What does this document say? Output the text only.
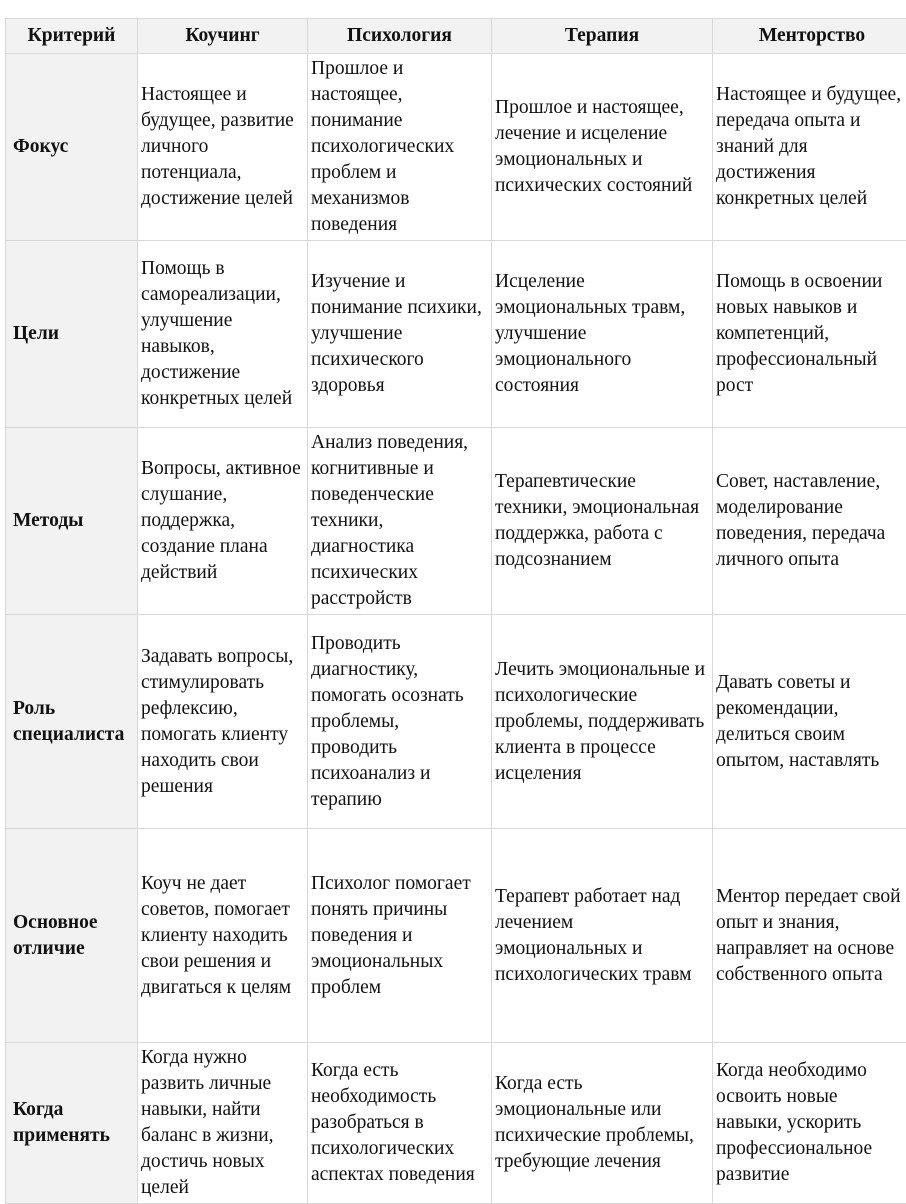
Критерий	Коучинг	Психология	Терапия	Менторство
Фокус	Настоящее и будущее, развитие личного потенциала, достижение целей	Прошлое и настоящее, понимание психологических проблем и механизмов поведения	Прошлое и настоящее, лечение и исцеление эмоциональных и психических состояний	Настоящее и будущее, передача опыта и знаний для достижения конкретных целей
Цели	Помощь в самореализации, улучшение навыков, достижение конкретных целей	Изучение и понимание психики, улучшение психического здоровья	Исцеление эмоциональных травм, улучшение эмоционального состояния	Помощь в освоении новых навыков и компетенций, профессиональный рост
Методы	Вопросы, активное слушание, поддержка, создание плана действий	Анализ поведения, когнитивные и поведенческие техники, диагностика психических расстройств	Терапевтические техники, эмоциональная поддержка, работа с подсознанием	Совет, наставление, моделирование поведения, передача личного опыта
Роль специалиста	Задавать вопросы, стимулировать рефлексию, помогать клиенту находить свои решения	Проводить диагностику, помогать осознать проблемы, проводить психоанализ и терапию	Лечить эмоциональные и психологические проблемы, поддерживать клиента в процессе исцеления	Давать советы и рекомендации, делиться своим опытом, наставлять
Основное отличие	Коуч не дает советов, помогает клиенту находить свои решения и двигаться к целям	Психолог помогает понять причины поведения и эмоциональных проблем	Терапевт работает над лечением эмоциональных и психологических травм	Ментор передает свой опыт и знания, направляет на основе собственного опыта
Когда применять	Когда нужно развить личные навыки, найти баланс в жизни, достичь новых целей	Когда есть необходимость разобраться в психологических аспектах поведения	Когда есть эмоциональные или психические проблемы, требующие лечения	Когда необходимо освоить новые навыки, ускорить профессиональное развитие
